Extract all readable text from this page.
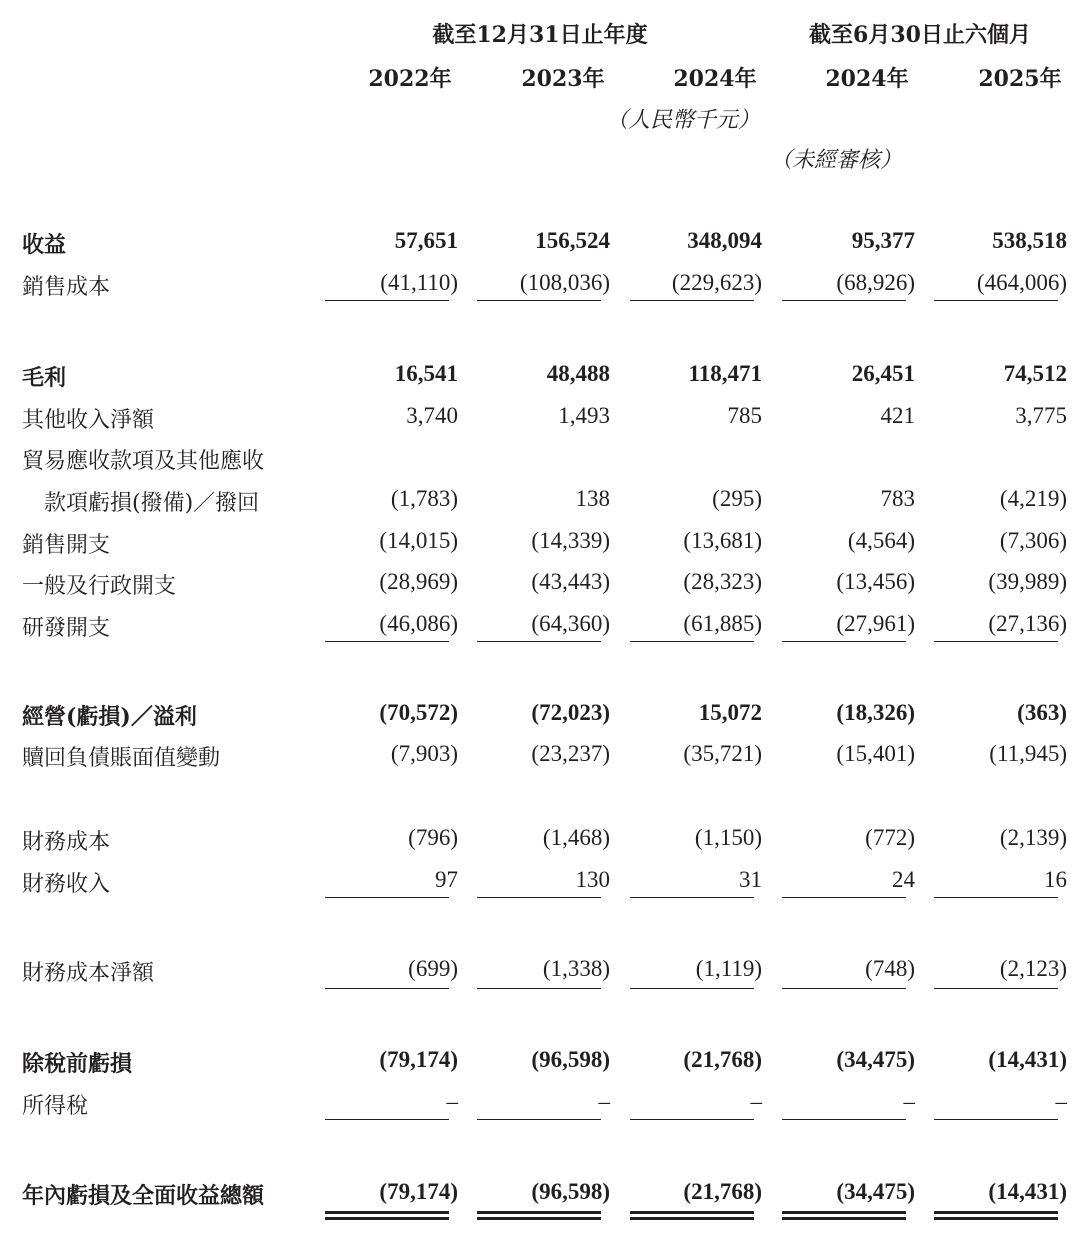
截至12月31日止年度	截至6月30日止六個月
2022年	2023年	2024年	2024年	2025年
（人民幣千元）
（未經審核）
收益	57,651	156,524	348,094	95,377	538,518
銷售成本	(41,110)	(108,036)	(229,623)	(68,926)	(464,006)
毛利	16,541	48,488	118,471	26,451	74,512
其他收入淨額	3,740	1,493	785	421	3,775
貿易應收款項及其他應收
款項虧損(撥備)／撥回	(1,783)	138	(295)	783	(4,219)
銷售開支	(14,015)	(14,339)	(13,681)	(4,564)	(7,306)
一般及行政開支	(28,969)	(43,443)	(28,323)	(13,456)	(39,989)
研發開支	(46,086)	(64,360)	(61,885)	(27,961)	(27,136)
經營(虧損)／溢利	(70,572)	(72,023)	15,072	(18,326)	(363)
贖回負債賬面值變動	(7,903)	(23,237)	(35,721)	(15,401)	(11,945)
財務成本	(796)	(1,468)	(1,150)	(772)	(2,139)
財務收入	97	130	31	24	16
財務成本淨額	(699)	(1,338)	(1,119)	(748)	(2,123)
除稅前虧損	(79,174)	(96,598)	(21,768)	(34,475)	(14,431)
所得稅	–	–	–	–	–
年內虧損及全面收益總額	(79,174)	(96,598)	(21,768)	(34,475)	(14,431)
